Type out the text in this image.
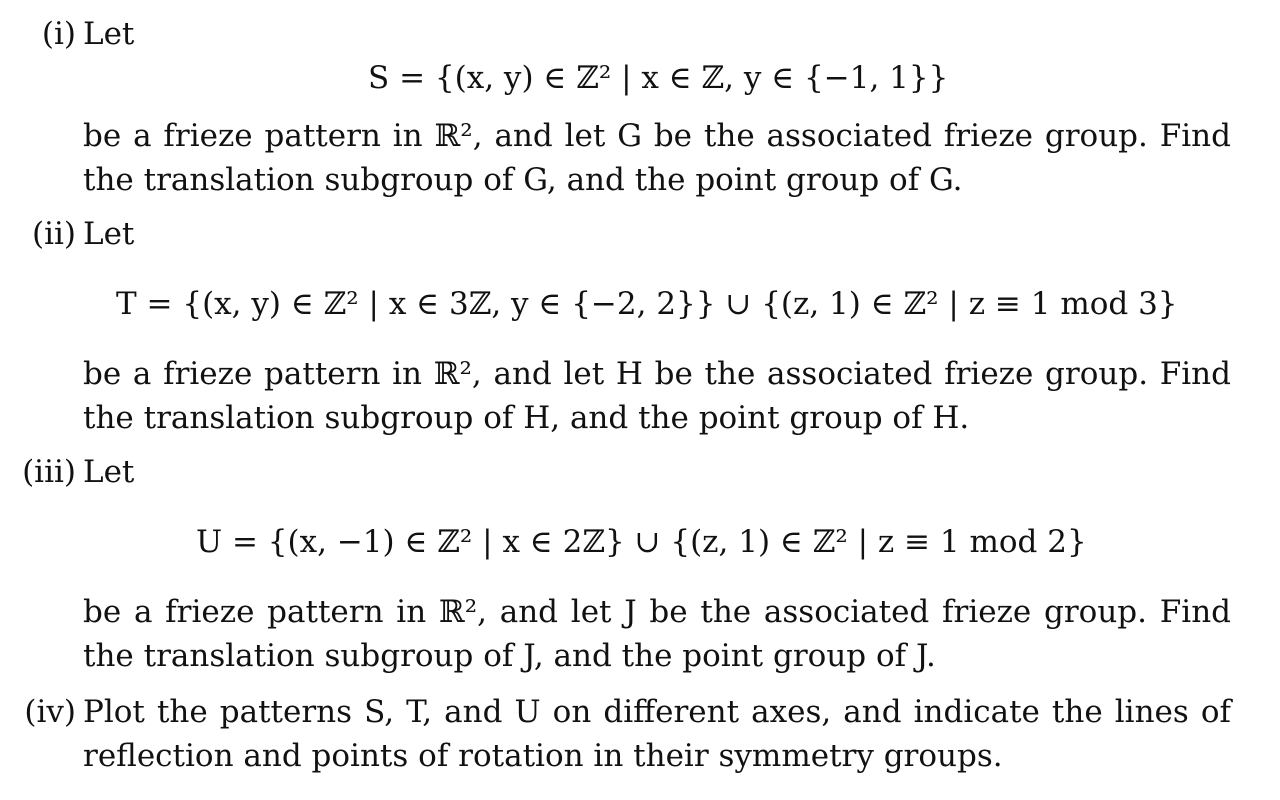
(i) Let
S = {(x, y) ∈ ℤ² | x ∈ ℤ, y ∈ {−1, 1}}

be a frieze pattern in ℝ², and let G be the associated frieze group. Find the translation subgroup of G, and the point group of G.

(ii) Let
T = {(x, y) ∈ ℤ² | x ∈ 3ℤ, y ∈ {−2, 2}} ∪ {(z, 1) ∈ ℤ² | z ≡ 1 mod 3}

be a frieze pattern in ℝ², and let H be the associated frieze group. Find the translation subgroup of H, and the point group of H.

(iii) Let
U = {(x, −1) ∈ ℤ² | x ∈ 2ℤ} ∪ {(z, 1) ∈ ℤ² | z ≡ 1 mod 2}

be a frieze pattern in ℝ², and let J be the associated frieze group. Find the translation subgroup of J, and the point group of J.

(iv) Plot the patterns S, T, and U on different axes, and indicate the lines of reflection and points of rotation in their symmetry groups.
